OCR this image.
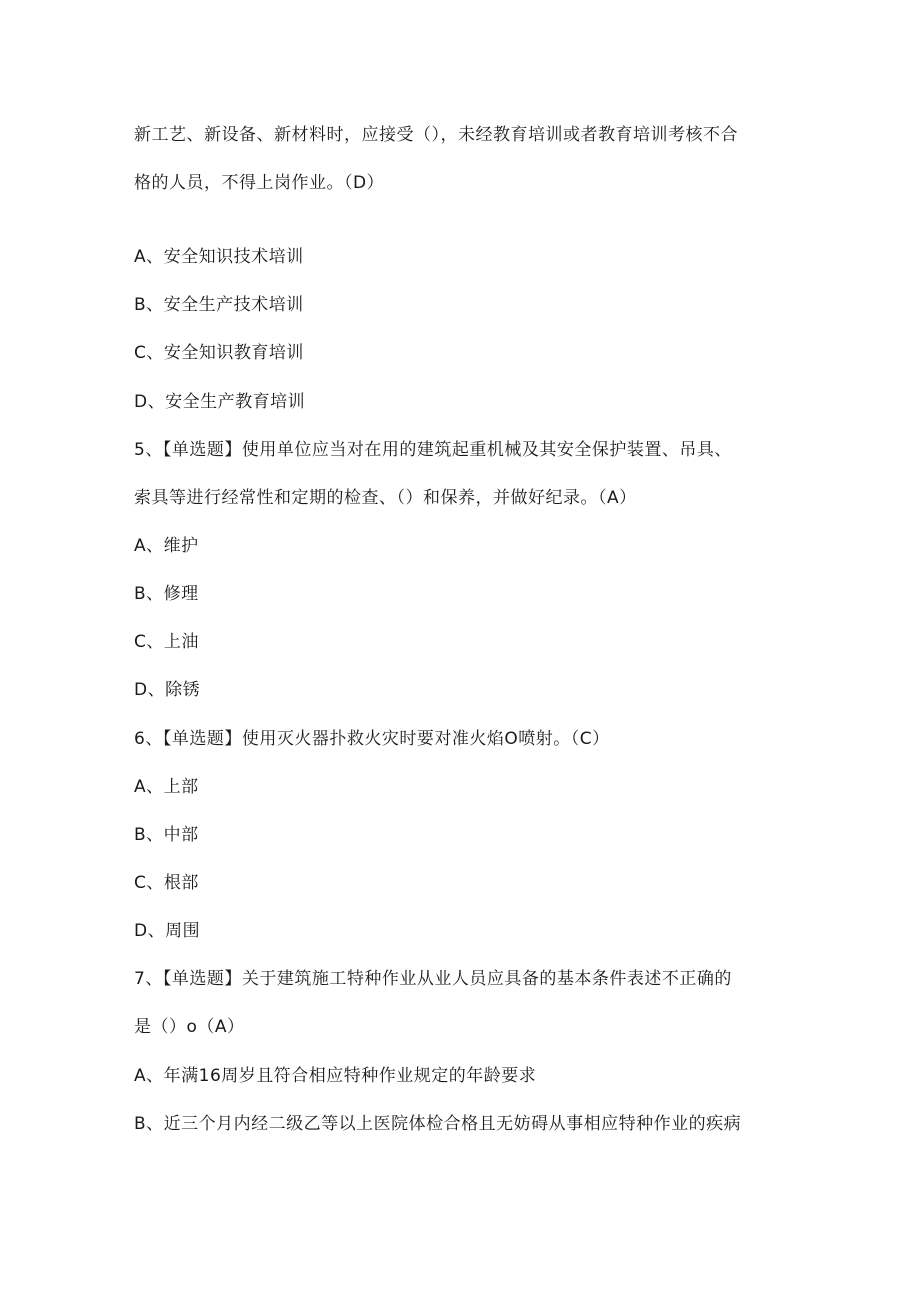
新工艺、新设备、新材料时，应接受（），未经教育培训或者教育培训考核不合
格的人员，不得上岗作业。（D）
A、安全知识技术培训
B、安全生产技术培训
C、安全知识教育培训
D、安全生产教育培训
5、【单选题】使用单位应当对在用的建筑起重机械及其安全保护装置、吊具、
索具等进行经常性和定期的检查、（）和保养，并做好纪录。（A）
A、维护
B、修理
C、上油
D、除锈
6、【单选题】使用灭火器扑救火灾时要对准火焰O喷射。（C）
A、上部
B、中部
C、根部
D、周围
7、【单选题】关于建筑施工特种作业从业人员应具备的基本条件表述不正确的
是（）o（A）
A、年满16周岁且符合相应特种作业规定的年龄要求
B、近三个月内经二级乙等以上医院体检合格且无妨碍从事相应特种作业的疾病
